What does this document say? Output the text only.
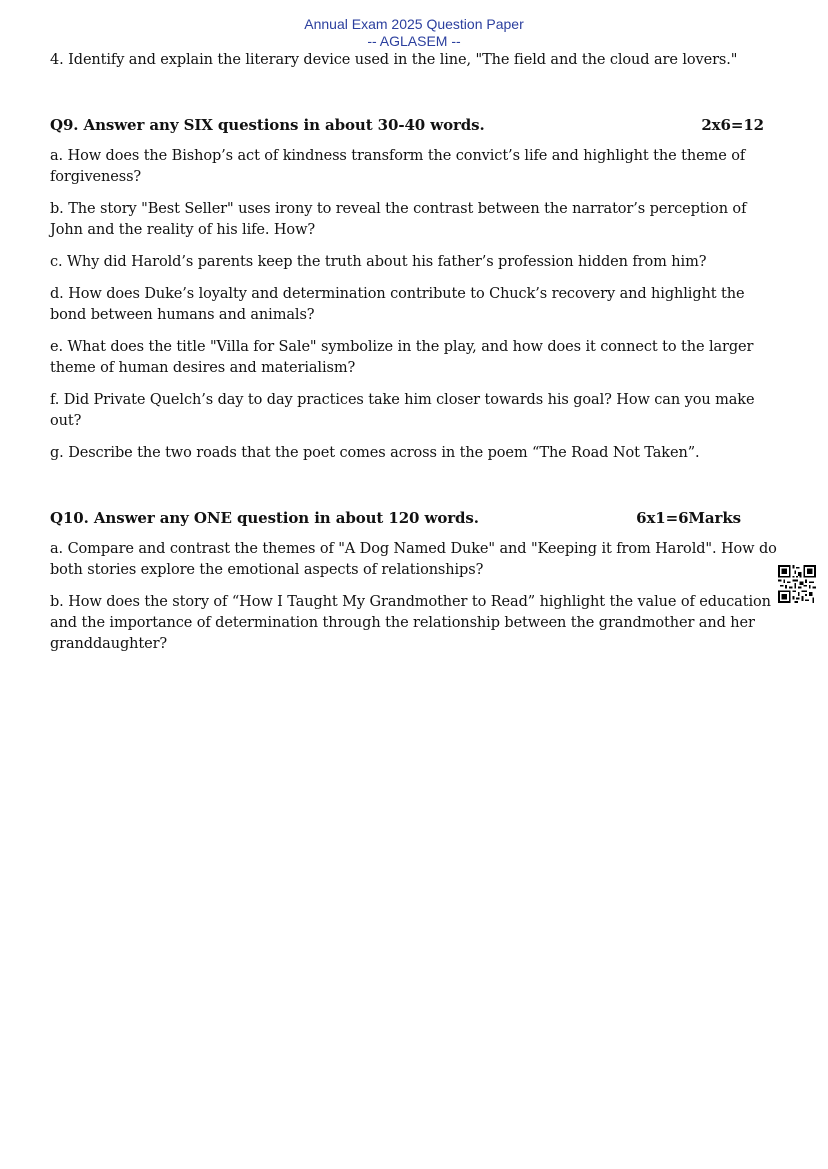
Annual Exam 2025 Question Paper
-- AGLASEM --

4. Identify and explain the literary device used in the line, "The field and the cloud are lovers."

Q9. Answer any SIX questions in about 30-40 words.	2x6=12

a. How does the Bishop’s act of kindness transform the convict’s life and highlight the theme of forgiveness?

b. The story "Best Seller" uses irony to reveal the contrast between the narrator’s perception of John and the reality of his life. How?

c. Why did Harold’s parents keep the truth about his father’s profession hidden from him?

d. How does Duke’s loyalty and determination contribute to Chuck’s recovery and highlight the bond between humans and animals?

e. What does the title "Villa for Sale" symbolize in the play, and how does it connect to the larger theme of human desires and materialism?

f. Did Private Quelch’s day to day practices take him closer towards his goal? How can you make out?

g. Describe the two roads that the poet comes across in the poem “The Road Not Taken”.

Q10. Answer any ONE question in about 120 words.	6x1=6Marks

a. Compare and contrast the themes of "A Dog Named Duke" and "Keeping it from Harold". How do both stories explore the emotional aspects of relationships?

b. How does the story of “How I Taught My Grandmother to Read” highlight the value of education and the importance of determination through the relationship between the grandmother and her granddaughter?
